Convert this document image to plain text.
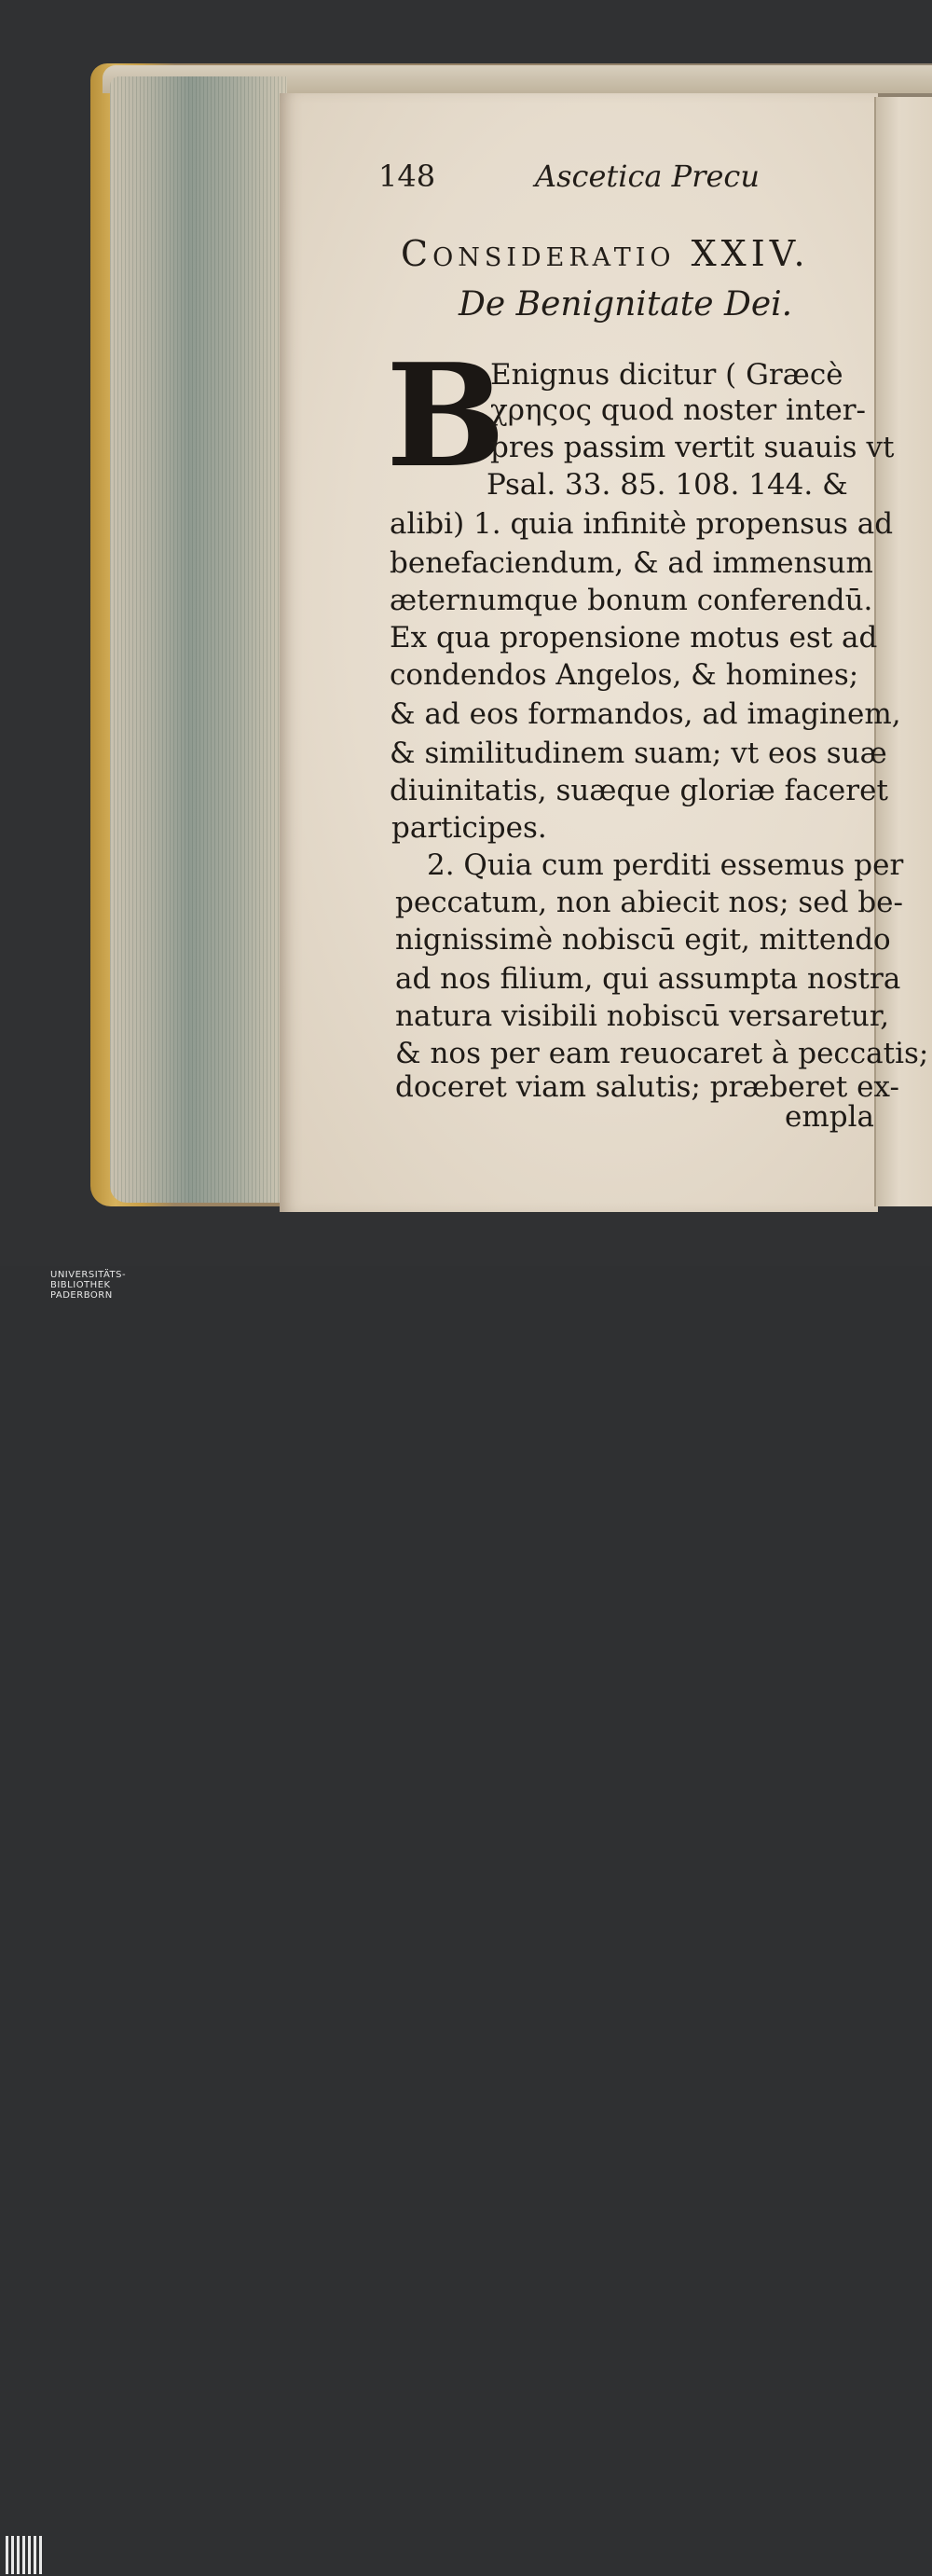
148	Ascetica Precu
Consideratio XXIV.
De Benignitate Dei.
B
Enignus dicitur ( Græcè
χρηςος quod noster inter-
pres passim vertit suauis vt
Psal. 33. 85. 108. 144. &
alibi) 1. quia infinitè propensus ad
benefaciendum, & ad immensum
æternumque bonum conferendū.
Ex qua propensione motus est ad
condendos Angelos, & homines;
& ad eos formandos, ad imaginem,
& similitudinem suam; vt eos suæ
diuinitatis, suæque gloriæ faceret
participes.
2. Quia cum perditi essemus per
peccatum, non abiecit nos; sed be-
nignissimè nobiscū egit, mittendo
ad nos filium, qui assumpta nostra
natura visibili nobiscū versaretur,
& nos per eam reuocaret à peccatis;
doceret viam salutis; præberet ex-
empla
UNIVERSITÄTS-
BIBLIOTHEK
PADERBORN
